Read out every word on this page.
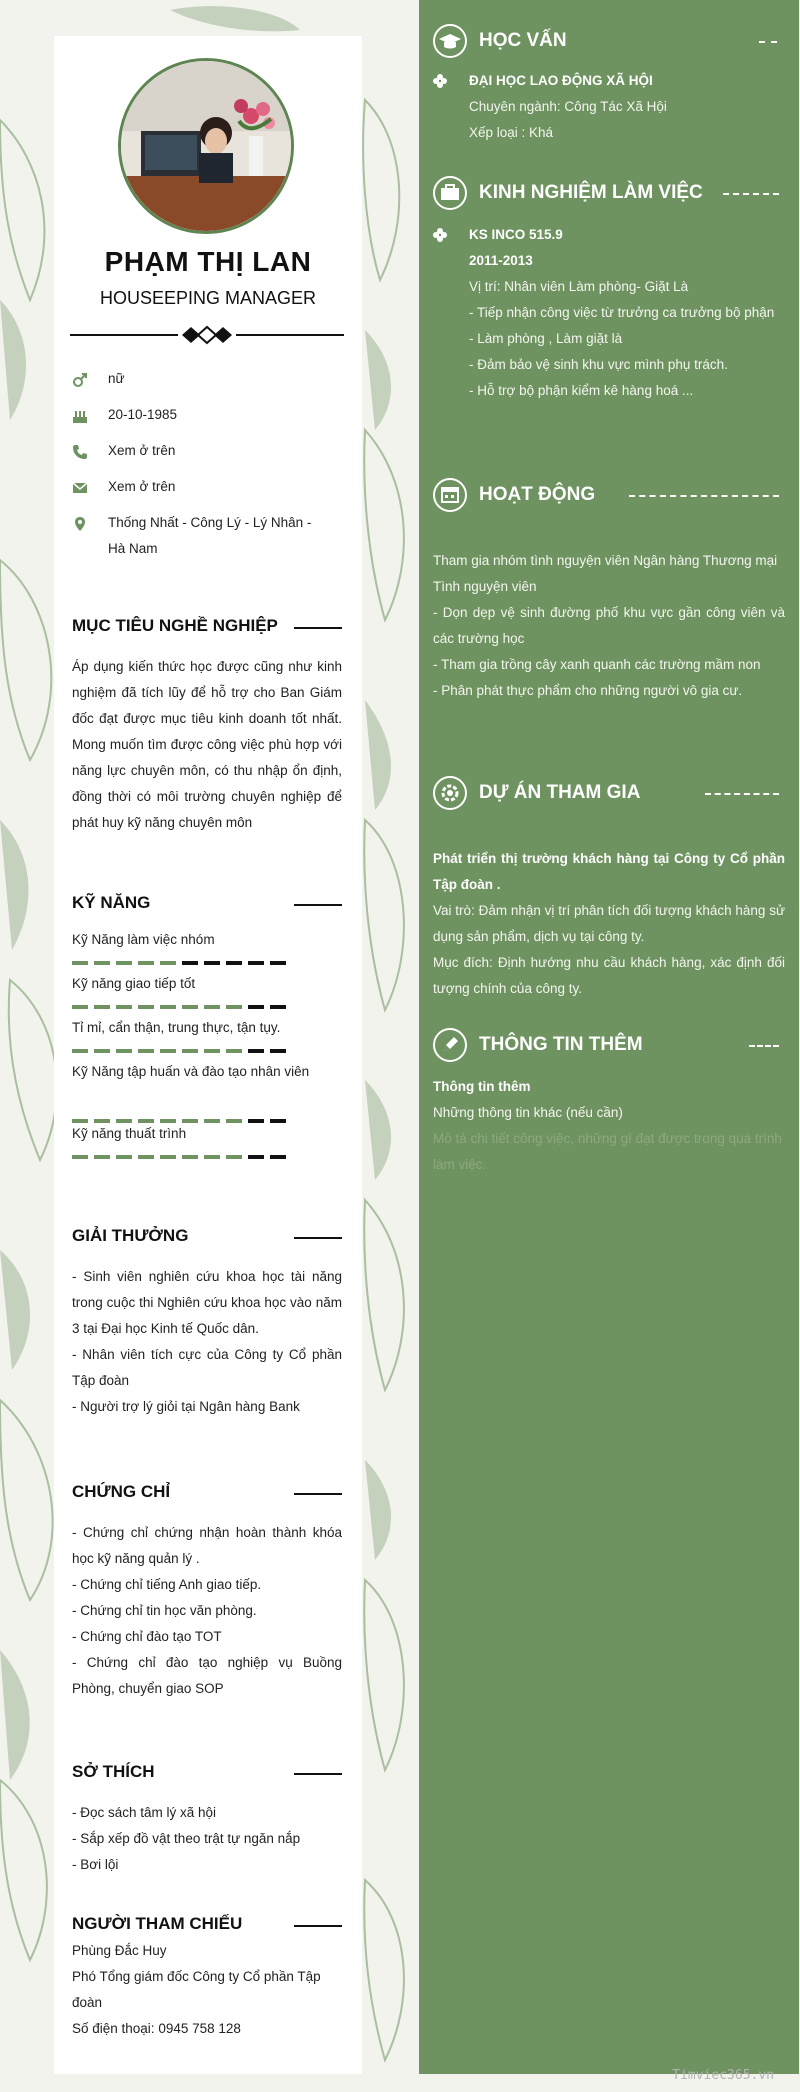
PHẠM THỊ LAN
HOUSEEPING MANAGER
nữ
20-10-1985
Xem ở trên
Xem ở trên
Thống Nhất - Công Lý - Lý Nhân - Hà Nam
MỤC TIÊU NGHỀ NGHIỆP
Áp dụng kiến thức học được cũng như kinh nghiệm đã tích lũy để hỗ trợ cho Ban Giám đốc đạt được mục tiêu kinh doanh tốt nhất. Mong muốn tìm được công việc phù hợp với năng lực chuyên môn, có thu nhập ổn định, đồng thời có môi trường chuyên nghiệp để phát huy kỹ năng chuyên môn
KỸ NĂNG
Kỹ Năng làm việc nhóm
Kỹ năng giao tiếp tốt
Tỉ mỉ, cẩn thận, trung thực, tận tụy.
Kỹ Năng tập huấn và đào tạo nhân viên
Kỹ năng thuất trình
GIẢI THƯỞNG
- Sinh viên nghiên cứu khoa học tài năng trong cuộc thi Nghiên cứu khoa học vào năm 3 tại Đại học Kinh tế Quốc dân.
- Nhân viên tích cực của Công ty Cổ phần Tập đoàn
- Người trợ lý giỏi tại Ngân hàng Bank
CHỨNG CHỈ
- Chứng chỉ chứng nhận hoàn thành khóa học kỹ năng quản lý .
- Chứng chỉ tiếng Anh giao tiếp.
- Chứng chỉ tin học văn phòng.
- Chứng chỉ đào tạo TOT
- Chứng chỉ đào tạo nghiệp vụ Buồng Phòng, chuyển giao SOP
SỞ THÍCH
- Đọc sách tâm lý xã hội
- Sắp xếp đồ vật theo trật tự ngăn nắp
- Bơi lội
NGƯỜI THAM CHIẾU
Phùng Đắc Huy
Phó Tổng giám đốc Công ty Cổ phần Tập đoàn
Số điện thoại: 0945 758 128
HỌC VẤN
ĐẠI HỌC LAO ĐỘNG XÃ HỘI
Chuyên ngành: Công Tác Xã Hội
Xếp loại : Khá
KINH NGHIỆM LÀM VIỆC
KS INCO 515.9
2011-2013
Vị trí: Nhân viên Làm phòng- Giặt Là
- Tiếp nhận công việc từ trưởng ca trưởng bộ phận
- Làm phòng , Làm giặt là
- Đảm bảo vệ sinh khu vực mình phụ trách.
- Hỗ trợ bộ phận kiểm kê hàng hoá ...
HOẠT ĐỘNG
Tham gia nhóm tình nguyện viên Ngân hàng Thương mại
Tình nguyện viên
- Dọn dẹp vệ sinh đường phố khu vực gần công viên và các trường học
- Tham gia trồng cây xanh quanh các trường mầm non
- Phân phát thực phẩm cho những người vô gia cư.
DỰ ÁN THAM GIA
Phát triển thị trường khách hàng tại Công ty Cổ phần Tập đoàn .
Vai trò: Đảm nhận vị trí phân tích đối tượng khách hàng sử dụng sản phẩm, dịch vụ tại công ty.
Mục đích: Định hướng nhu cầu khách hàng, xác định đối tượng chính của công ty.
THÔNG TIN THÊM
Thông tin thêm
Những thông tin khác (nếu cần)
Mô tả chi tiết công việc, những gì đạt được trong quá trình làm việc.
Timviec365.vn
